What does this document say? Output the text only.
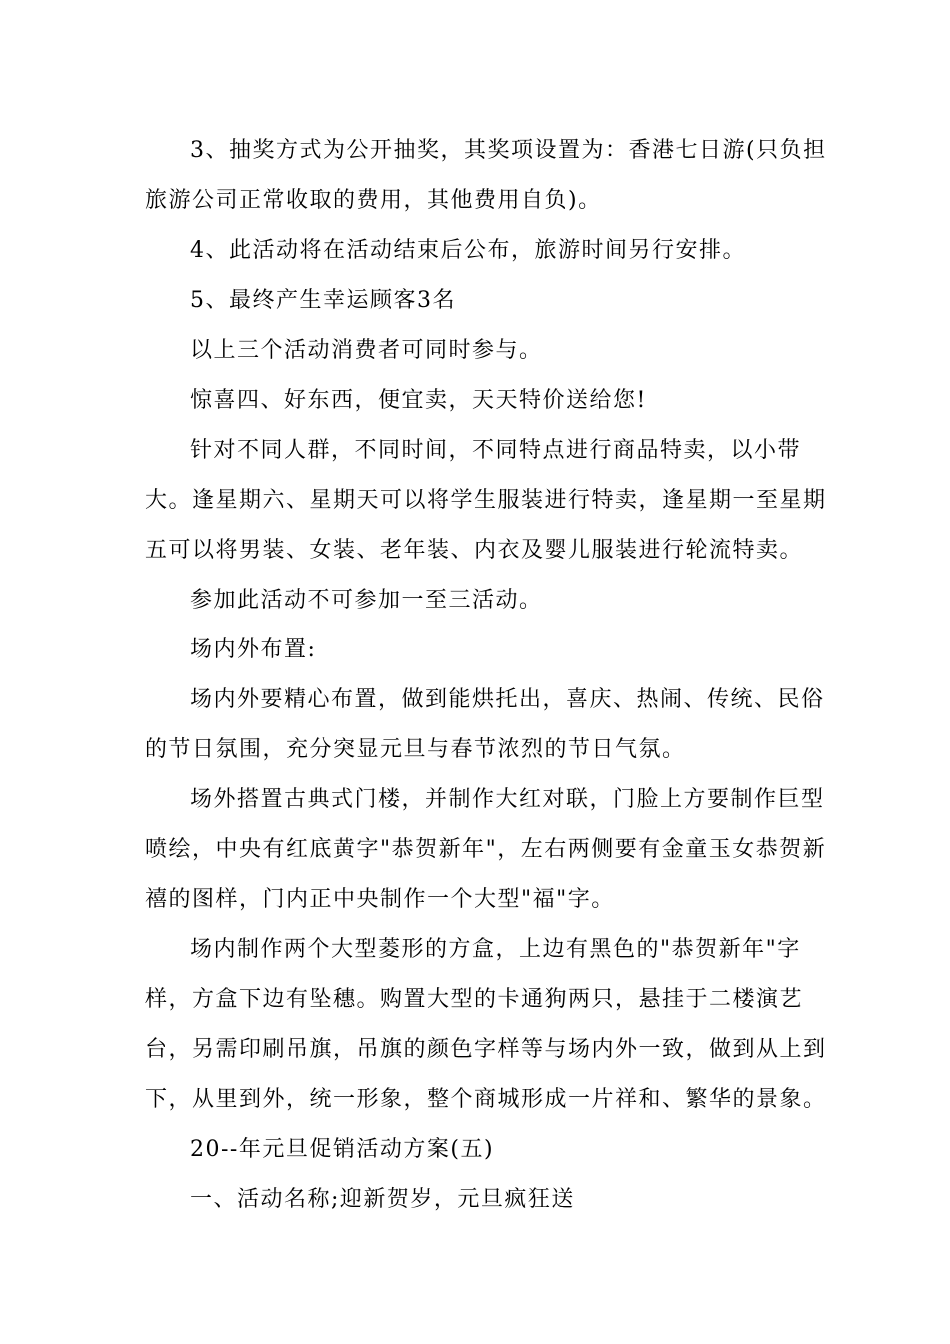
3、抽奖方式为公开抽奖，其奖项设置为：香港七日游(只负担
旅游公司正常收取的费用，其他费用自负)。
4、此活动将在活动结束后公布，旅游时间另行安排。
5、最终产生幸运顾客3名
以上三个活动消费者可同时参与。
惊喜四、好东西，便宜卖，天天特价送给您!
针对不同人群，不同时间，不同特点进行商品特卖，以小带
大。逢星期六、星期天可以将学生服装进行特卖，逢星期一至星期
五可以将男装、女装、老年装、内衣及婴儿服装进行轮流特卖。
参加此活动不可参加一至三活动。
场内外布置:
场内外要精心布置，做到能烘托出，喜庆、热闹、传统、民俗
的节日氛围，充分突显元旦与春节浓烈的节日气氛。
场外搭置古典式门楼，并制作大红对联，门脸上方要制作巨型
喷绘，中央有红底黄字"恭贺新年"，左右两侧要有金童玉女恭贺新
禧的图样，门内正中央制作一个大型"福"字。
场内制作两个大型菱形的方盒，上边有黑色的"恭贺新年"字
样，方盒下边有坠穗。购置大型的卡通狗两只，悬挂于二楼演艺
台，另需印刷吊旗，吊旗的颜色字样等与场内外一致，做到从上到
下，从里到外，统一形象，整个商城形成一片祥和、繁华的景象。
20--年元旦促销活动方案(五)
一、活动名称;迎新贺岁，元旦疯狂送
